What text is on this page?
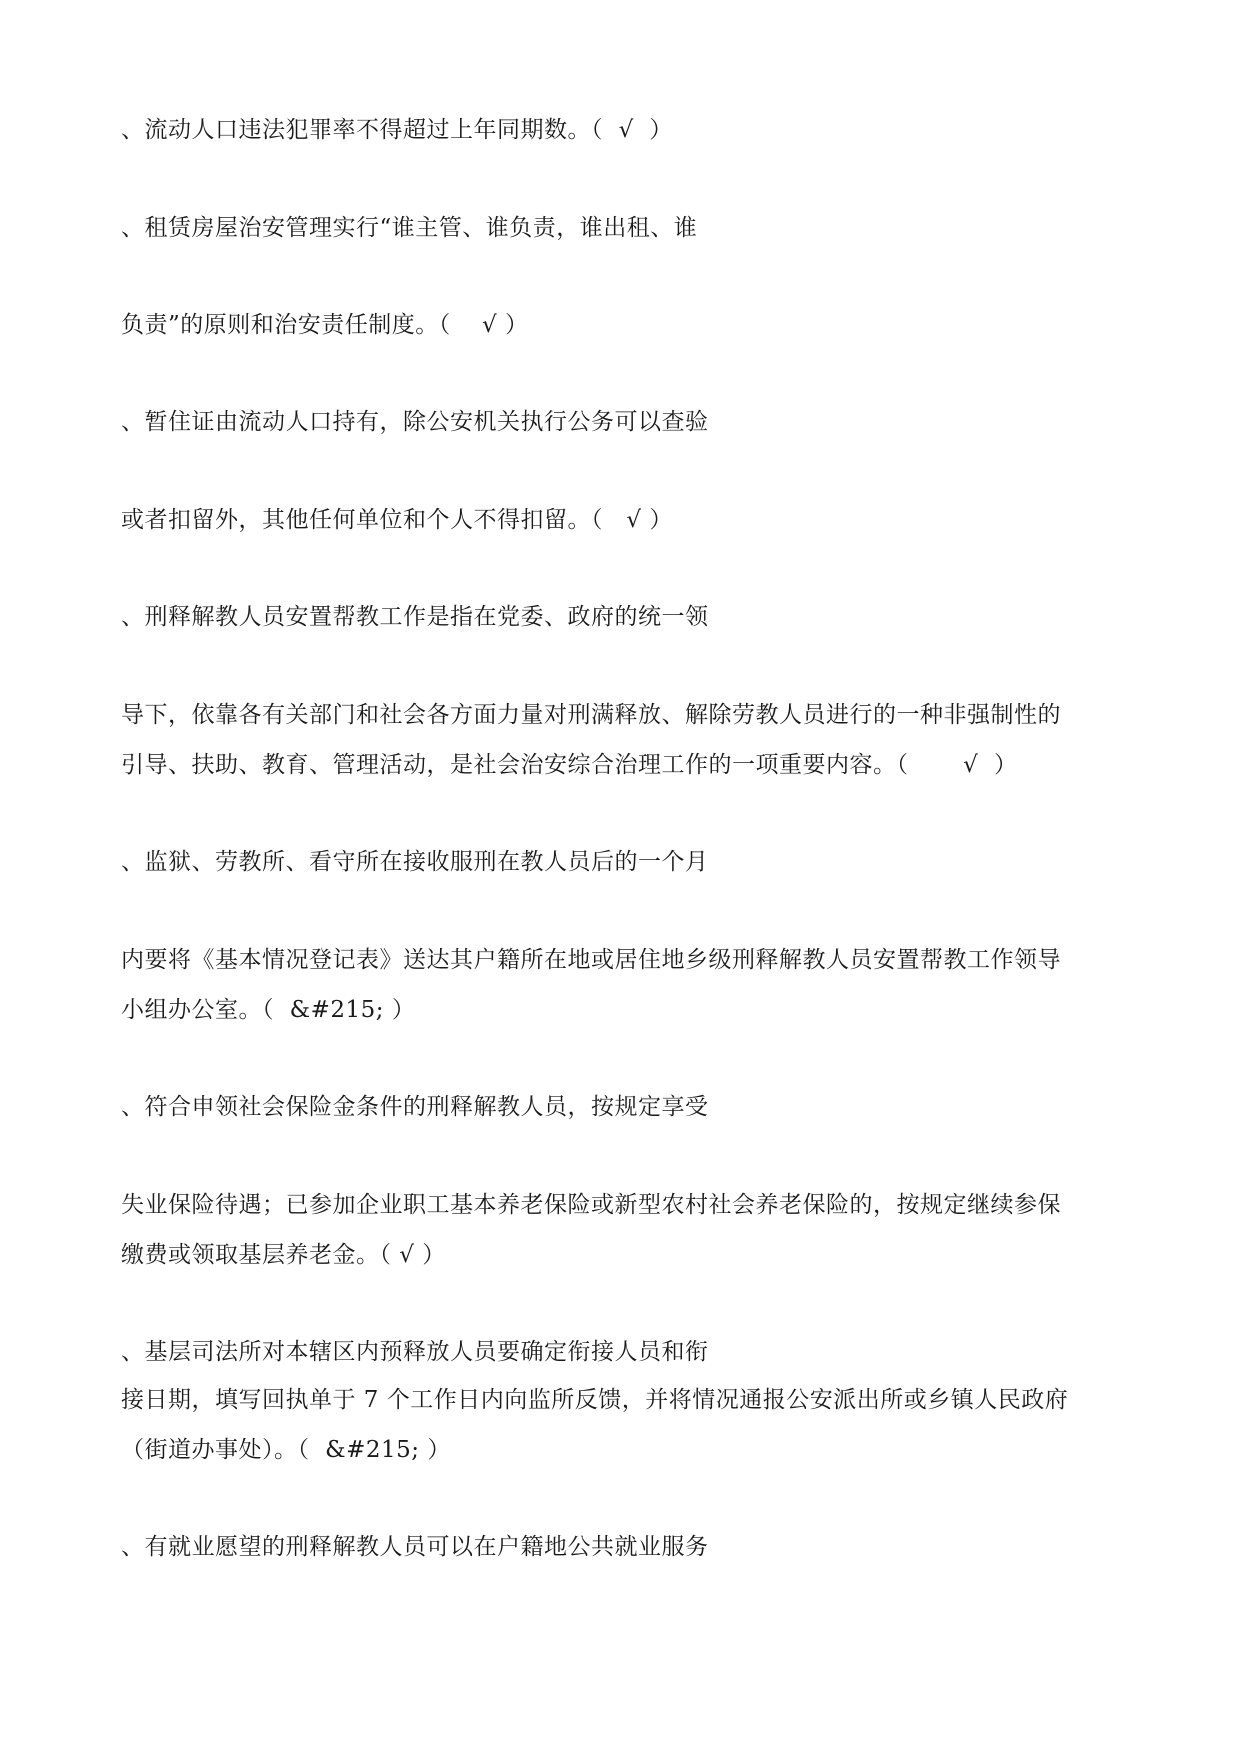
、流动人口违法犯罪率不得超过上年同期数。（  √  ）
、租赁房屋治安管理实行“谁主管、谁负责，谁出租、谁
负责”的原则和治安责任制度。（    √ ）
、暂住证由流动人口持有，除公安机关执行公务可以查验
或者扣留外，其他任何单位和个人不得扣留。（   √ ）
、刑释解教人员安置帮教工作是指在党委、政府的统一领
导下，依靠各有关部门和社会各方面力量对刑满释放、解除劳教人员进行的一种非强制性的
引导、扶助、教育、管理活动，是社会治安综合治理工作的一项重要内容。（       √  ）
、监狱、劳教所、看守所在接收服刑在教人员后的一个月
内要将《基本情况登记表》送达其户籍所在地或居住地乡级刑释解教人员安置帮教工作领导
小组办公室。（  &#215; ）
、符合申领社会保险金条件的刑释解教人员，按规定享受
失业保险待遇；已参加企业职工基本养老保险或新型农村社会养老保险的，按规定继续参保
缴费或领取基层养老金。（ √ ）
、基层司法所对本辖区内预释放人员要确定衔接人员和衔
接日期，填写回执单于 7 个工作日内向监所反馈，并将情况通报公安派出所或乡镇人民政府
（街道办事处）。（  &#215; ）
、有就业愿望的刑释解教人员可以在户籍地公共就业服务
